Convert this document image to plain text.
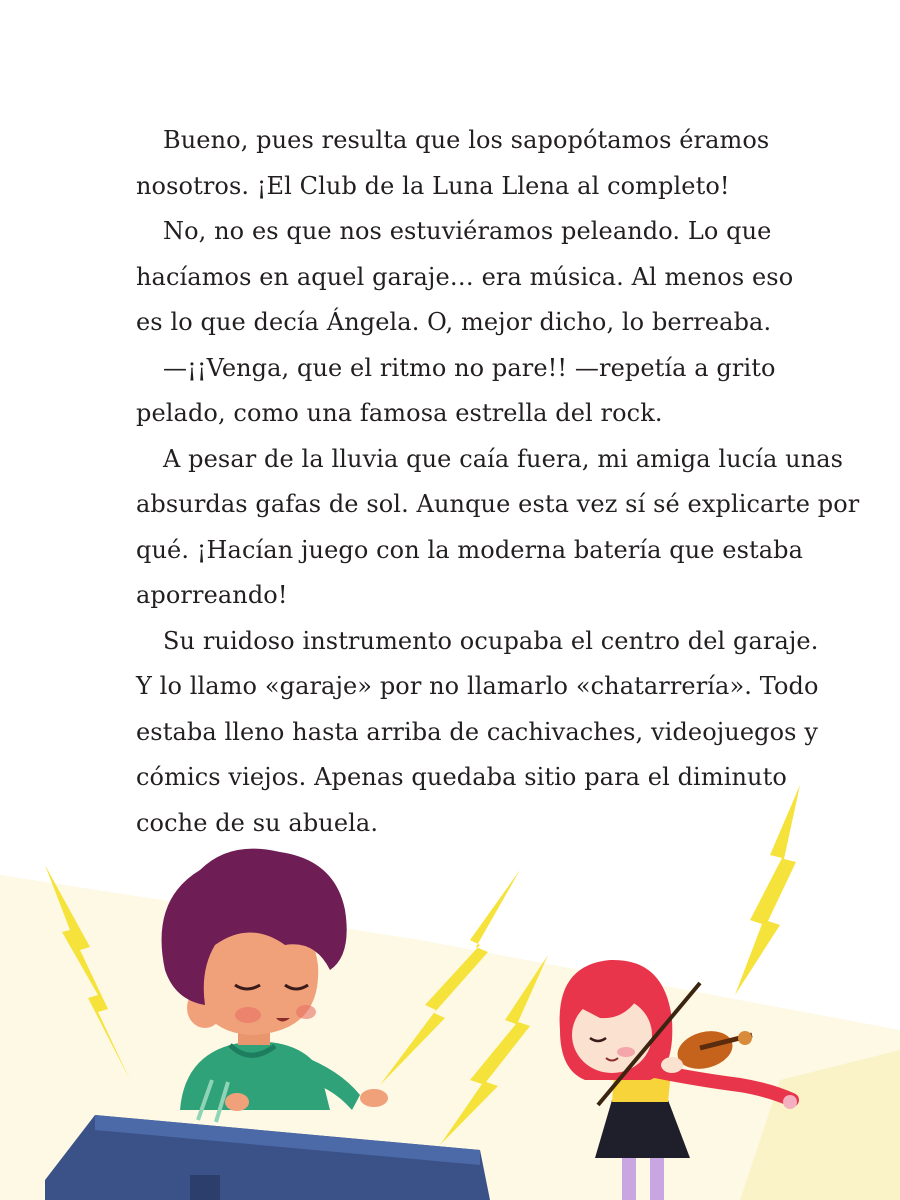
Bueno, pues resulta que los sapopótamos éramos
nosotros. ¡El Club de la Luna Llena al completo!
No, no es que nos estuviéramos peleando. Lo que
hacíamos en aquel garaje… era música. Al menos eso
es lo que decía Ángela. O, mejor dicho, lo berreaba.
—¡¡Venga, que el ritmo no pare!! —repetía a grito
pelado, como una famosa estrella del rock.
A pesar de la lluvia que caía fuera, mi amiga lucía unas
absurdas gafas de sol. Aunque esta vez sí sé explicarte por
qué. ¡Hacían juego con la moderna batería que estaba
aporreando!
Su ruidoso instrumento ocupaba el centro del garaje.
Y lo llamo «garaje» por no llamarlo «chatarrería». Todo
estaba lleno hasta arriba de cachivaches, videojuegos y
cómics viejos. Apenas quedaba sitio para el diminuto
coche de su abuela.
